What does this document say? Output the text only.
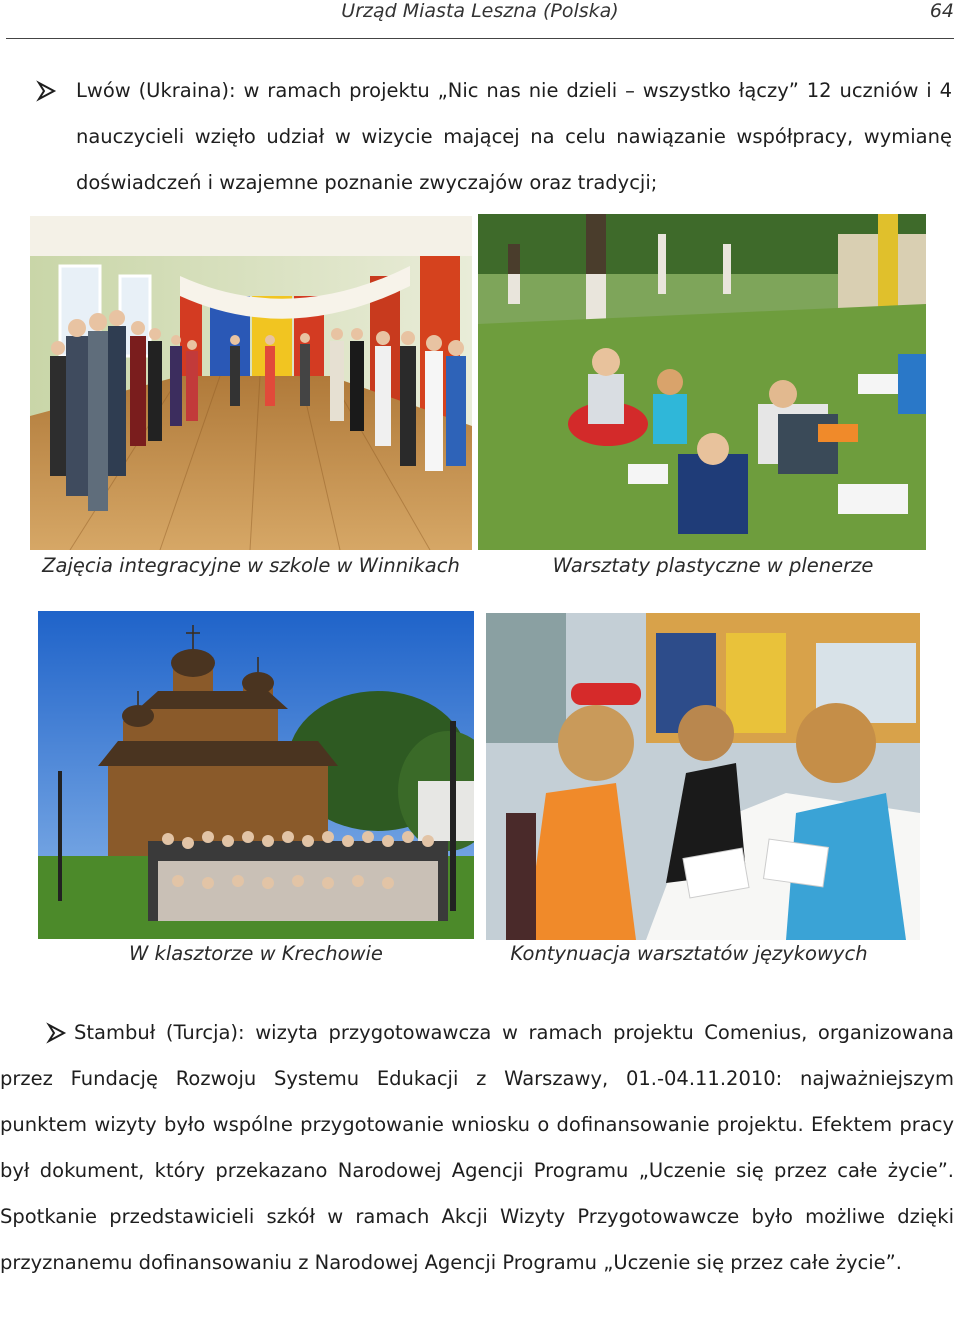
Urząd Miasta Leszna (Polska)	64
Lwów (Ukraina): w ramach projektu „Nic nas nie dzieli – wszystko łączy” 12 uczniów i 4 nauczycieli wzięło udział w wizycie mającej na celu nawiązanie współpracy, wymianę doświadczeń i wzajemne poznanie zwyczajów oraz tradycji;
Zajęcia integracyjne w szkole w Winnikach	Warsztaty plastyczne w plenerze
W klasztorze w Krechowie	Kontynuacja warsztatów językowych
Stambuł (Turcja): wizyta przygotowawcza w ramach projektu Comenius, organizowana przez Fundację Rozwoju Systemu Edukacji z Warszawy, 01.-04.11.2010: najważniejszym punktem wizyty było wspólne przygotowanie wniosku o dofinansowanie projektu. Efektem pracy był dokument, który przekazano Narodowej Agencji Programu „Uczenie się przez całe życie”. Spotkanie przedstawicieli szkół w ramach Akcji Wizyty Przygotowawcze było możliwe dzięki przyznanemu dofinansowaniu z Narodowej Agencji Programu „Uczenie się przez całe życie”.
